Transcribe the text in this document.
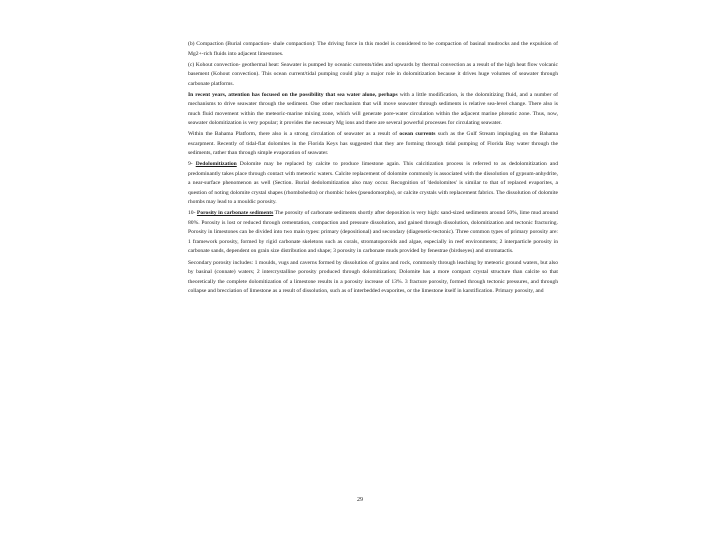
(b) Compaction (Burial compaction- shale compaction): The driving force in this model is considered to be compaction of basinal mudrocks and the expulsion of Mg2+-rich fluids into adjacent limestones.

(c) Kohout convection- geothermal heat: Seawater is pumped by oceanic currents/tides and upwards by thermal convection as a result of the high heat flow volcanic basement (Kohout convection). This ocean current/tidal pumping could play a major role in dolomitization because it drives huge volumes of seawater through carbonate platforms.

In recent years, attention has focused on the possibility that sea water alone, perhaps with a little modification, is the dolomitizing fluid, and a number of mechanisms to drive seawater through the sediment. One other mechanism that will move seawater through sediments is relative sea-level change. There also is much fluid movement within the meteoric-marine mixing zone, which will generate pore-water circulation within the adjacent marine phreatic zone. Thus, now, seawater dolomitization is very popular; it provides the necessary Mg ions and there are several powerful processes for circulating seawater.

Within the Bahama Platform, there also is a strong circulation of seawater as a result of ocean currents such as the Gulf Stream impinging on the Bahama escarpment. Recently of tidal-flat dolomites in the Florida Keys has suggested that they are forming through tidal pumping of Florida Bay water through the sediments, rather than through simple evaporation of seawater.

9- Dedolomitization Dolomite may be replaced by calcite to produce limestone again. This calcitization process is referred to as dedolomitization and predominantly takes place through contact with meteoric waters. Calcite replacement of dolomite commonly is associated with the dissolution of gypsum-anhydrite, a near-surface phenomenon as well (Section. Burial dedolomitization also may occur. Recognition of 'dedolomites' is similar to that of replaced evaporites, a question of noting dolomite crystal shapes (rhombohedra) or rhombic holes (pseudomorphs), or calcite crystals with replacement fabrics. The dissolution of dolomite rhombs may lead to a mouldic porosity.

10- Porosity in carbonate sediments The porosity of carbonate sediments shortly after deposition is very high: sand-sized sediments around 50%, lime mud around 80%. Porosity is lost or reduced through cementation, compaction and pressure dissolution, and gained through dissolution, dolomitization and tectonic fracturing. Porosity in limestones can be divided into two main types: primary (depositional) and secondary (diagenetic-tectonic). Three common types of primary porosity are: 1 framework porosity, formed by rigid carbonate skeletons such as corals, stromatoporoids and algae, especially in reef environments; 2 interparticle porosity in carbonate sands, dependent on grain size distribution and shape; 3 porosity in carbonate muds provided by fenestrae (birdseyes) and stromatactis.

Secondary porosity includes: 1 moulds, vugs and caverns formed by dissolution of grains and rock, commonly through leaching by meteoric ground waters, but also by basinal (connate) waters; 2 intercrystalline porosity produced through dolomitization; Dolomite has a more compact crystal structure than calcite so that theoretically the complete dolomitization of a limestone results in a porosity increase of 13%. 3 fracture porosity, formed through tectonic pressures, and through collapse and brecciation of limestone as a result of dissolution, such as of interbedded evaporites, or the limestone itself in karstification. Primary porosity, and

29
